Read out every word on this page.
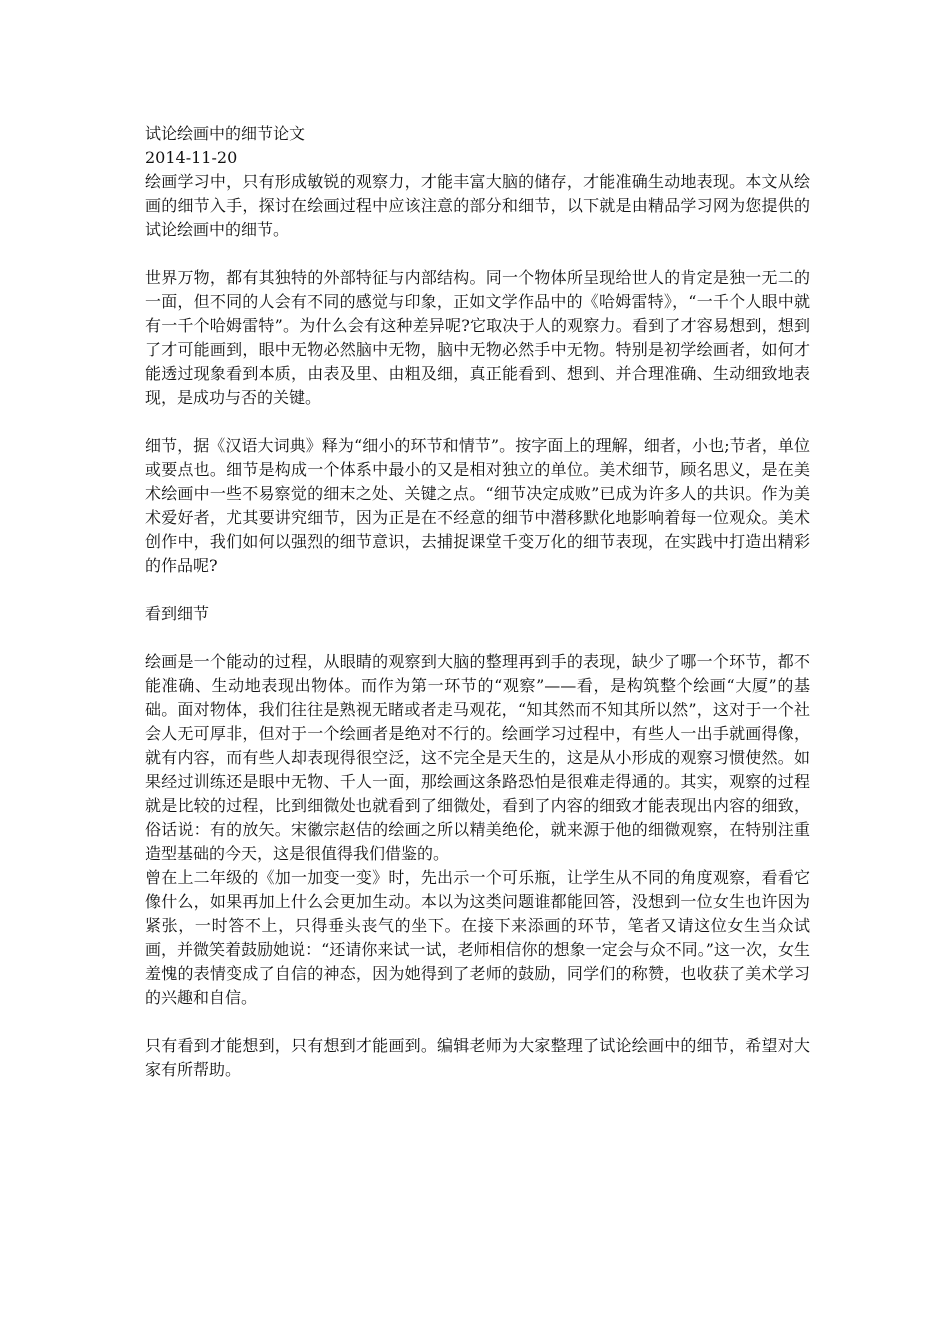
试论绘画中的细节论文

2014-11-20

绘画学习中，只有形成敏锐的观察力，才能丰富大脑的储存，才能准确生动地表现。本文从绘画的细节入手，探讨在绘画过程中应该注意的部分和细节，以下就是由精品学习网为您提供的试论绘画中的细节。

世界万物，都有其独特的外部特征与内部结构。同一个物体所呈现给世人的肯定是独一无二的一面，但不同的人会有不同的感觉与印象，正如文学作品中的《哈姆雷特》，“一千个人眼中就有一千个哈姆雷特”。为什么会有这种差异呢?它取决于人的观察力。看到了才容易想到，想到了才可能画到，眼中无物必然脑中无物，脑中无物必然手中无物。特别是初学绘画者，如何才能透过现象看到本质，由表及里、由粗及细，真正能看到、想到、并合理准确、生动细致地表现，是成功与否的关键。

细节，据《汉语大词典》释为“细小的环节和情节”。按字面上的理解，细者，小也;节者，单位或要点也。细节是构成一个体系中最小的又是相对独立的单位。美术细节，顾名思义，是在美术绘画中一些不易察觉的细末之处、关键之点。“细节决定成败”已成为许多人的共识。作为美术爱好者，尤其要讲究细节，因为正是在不经意的细节中潜移默化地影响着每一位观众。美术创作中，我们如何以强烈的细节意识，去捕捉课堂千变万化的细节表现，在实践中打造出精彩的作品呢?

看到细节

绘画是一个能动的过程，从眼睛的观察到大脑的整理再到手的表现，缺少了哪一个环节，都不能准确、生动地表现出物体。而作为第一环节的“观察”——看，是构筑整个绘画“大厦”的基础。面对物体，我们往往是熟视无睹或者走马观花，“知其然而不知其所以然”，这对于一个社会人无可厚非，但对于一个绘画者是绝对不行的。绘画学习过程中，有些人一出手就画得像，就有内容，而有些人却表现得很空泛，这不完全是天生的，这是从小形成的观察习惯使然。如果经过训练还是眼中无物、千人一面，那绘画这条路恐怕是很难走得通的。其实，观察的过程就是比较的过程，比到细微处也就看到了细微处，看到了内容的细致才能表现出内容的细致，俗话说：有的放矢。宋徽宗赵佶的绘画之所以精美绝伦，就来源于他的细微观察，在特别注重造型基础的今天，这是很值得我们借鉴的。

曾在上二年级的《加一加变一变》时，先出示一个可乐瓶，让学生从不同的角度观察，看看它像什么，如果再加上什么会更加生动。本以为这类问题谁都能回答，没想到一位女生也许因为紧张，一时答不上，只得垂头丧气的坐下。在接下来添画的环节，笔者又请这位女生当众试画，并微笑着鼓励她说：“还请你来试一试，老师相信你的想象一定会与众不同。”这一次，女生羞愧的表情变成了自信的神态，因为她得到了老师的鼓励，同学们的称赞，也收获了美术学习的兴趣和自信。

只有看到才能想到，只有想到才能画到。编辑老师为大家整理了试论绘画中的细节，希望对大家有所帮助。
